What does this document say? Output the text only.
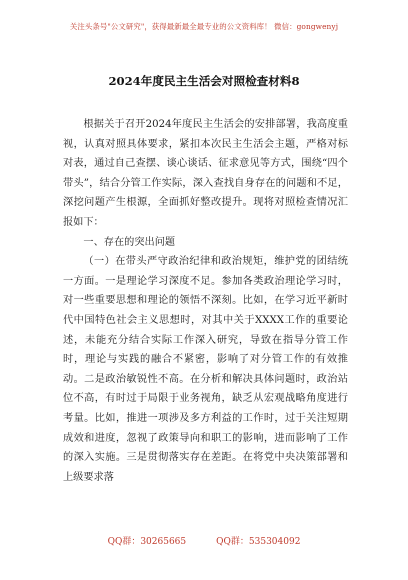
关注头条号"公文研究"，获得最新最全最专业的公文资料库！ 微信：gongwenyj
2024年度民主生活会对照检查材料8

根据关于召开2024年度民主生活会的安排部署，我高度重视，认真对照具体要求，紧扣本次民主生活会主题，严格对标对表，通过自己查摆、谈心谈话、征求意见等方式，围绕“四个带头”，结合分管工作实际，深入查找自身存在的问题和不足，深挖问题产生根源，全面抓好整改提升。现将对照检查情况汇报如下：

一、存在的突出问题

（一）在带头严守政治纪律和政治规矩，维护党的团结统一方面。一是理论学习深度不足。参加各类政治理论学习时，对一些重要思想和理论的领悟不深刻。比如，在学习近平新时代中国特色社会主义思想时，对其中关于XXXX工作的重要论述，未能充分结合实际工作深入研究，导致在指导分管工作时，理论与实践的融合不紧密，影响了对分管工作的有效推动。二是政治敏锐性不高。在分析和解决具体问题时，政治站位不高，有时过于局限于业务视角，缺乏从宏观战略角度进行考量。比如，推进一项涉及多方利益的工作时，过于关注短期成效和进度，忽视了政策导向和职工的影响，进而影响了工作的深入实施。三是贯彻落实存在差距。在将党中央决策部署和上级要求落

QQ群：30265665	QQ群：535304092
